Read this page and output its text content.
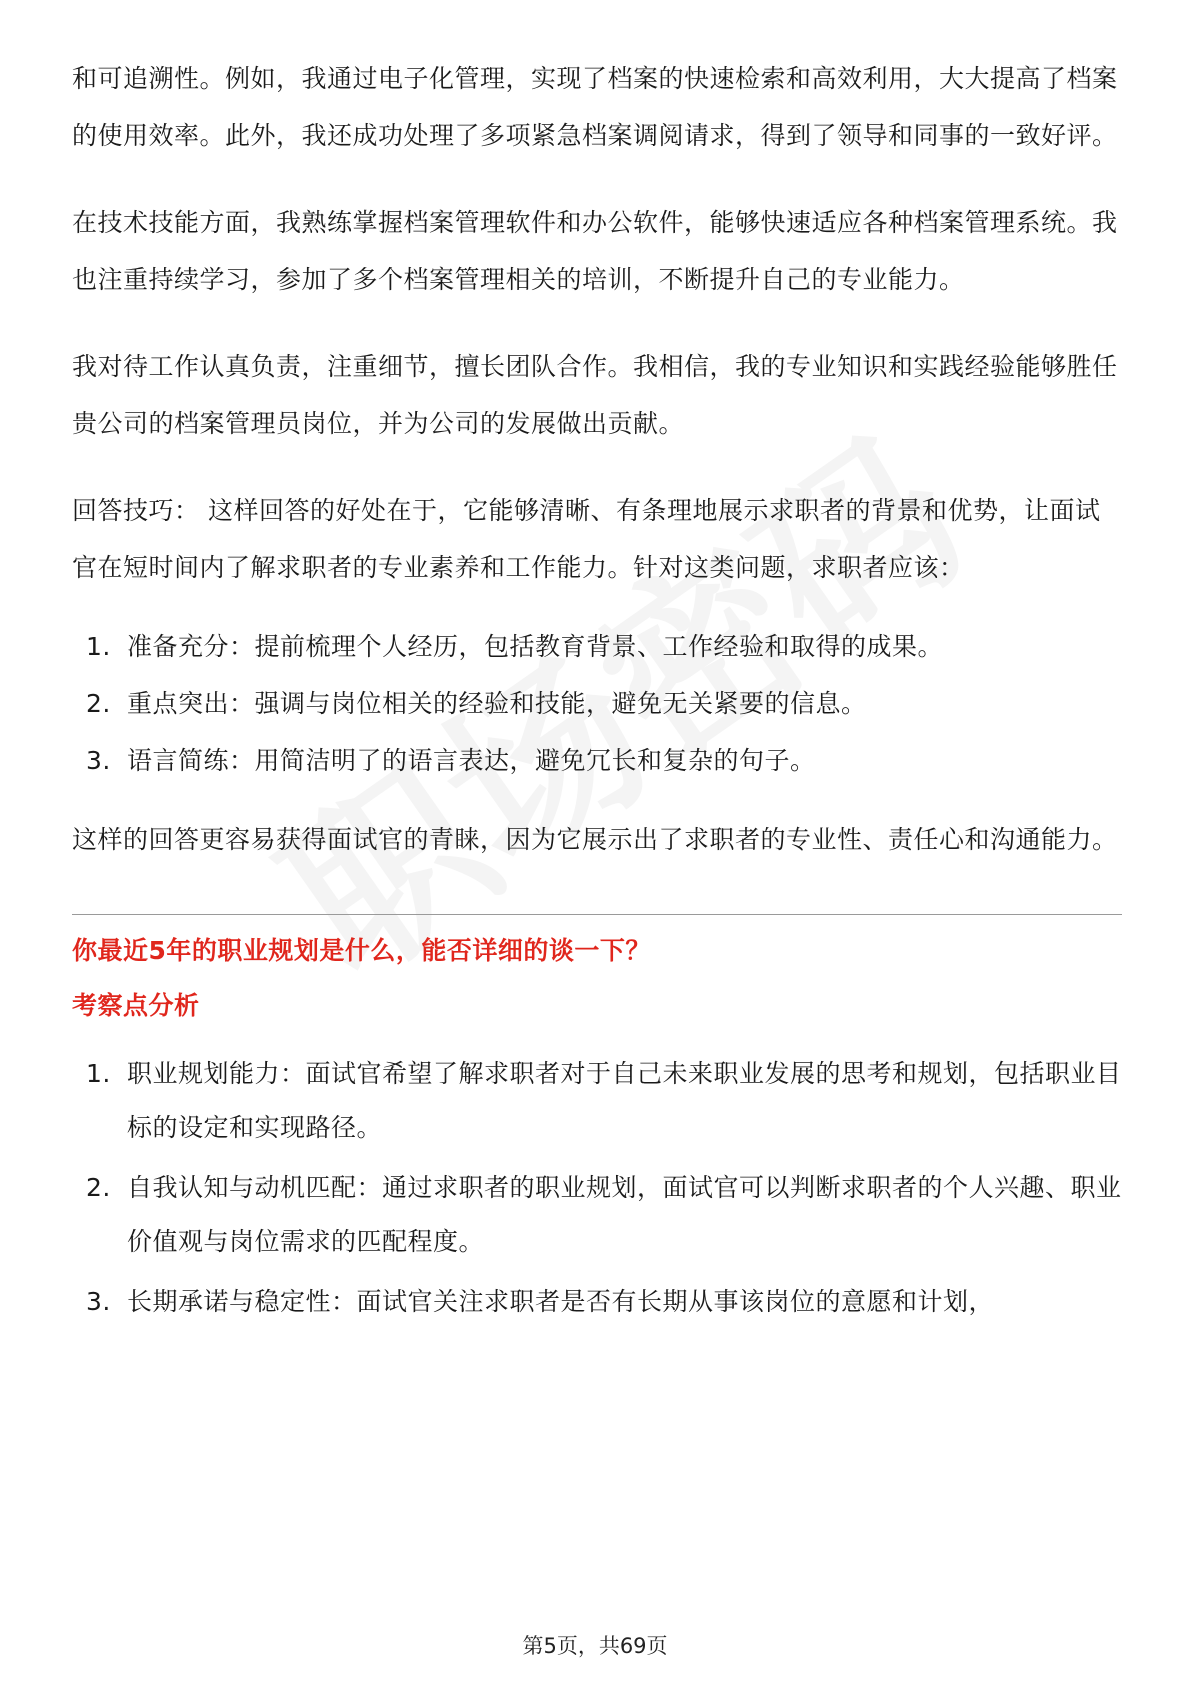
和可追溯性。例如，我通过电子化管理，实现了档案的快速检索和高效利用，大大提高了档案的使用效率。此外，我还成功处理了多项紧急档案调阅请求，得到了领导和同事的一致好评。

在技术技能方面，我熟练掌握档案管理软件和办公软件，能够快速适应各种档案管理系统。我也注重持续学习，参加了多个档案管理相关的培训，不断提升自己的专业能力。

我对待工作认真负责，注重细节，擅长团队合作。我相信，我的专业知识和实践经验能够胜任贵公司的档案管理员岗位，并为公司的发展做出贡献。

回答技巧： 这样回答的好处在于，它能够清晰、有条理地展示求职者的背景和优势，让面试官在短时间内了解求职者的专业素养和工作能力。针对这类问题，求职者应该：

1. 准备充分：提前梳理个人经历，包括教育背景、工作经验和取得的成果。
2. 重点突出：强调与岗位相关的经验和技能，避免无关紧要的信息。
3. 语言简练：用简洁明了的语言表达，避免冗长和复杂的句子。

这样的回答更容易获得面试官的青睐，因为它展示出了求职者的专业性、责任心和沟通能力。

你最近5年的职业规划是什么，能否详细的谈一下？

考察点分析

1. 职业规划能力：面试官希望了解求职者对于自己未来职业发展的思考和规划，包括职业目标的设定和实现路径。
2. 自我认知与动机匹配：通过求职者的职业规划，面试官可以判断求职者的个人兴趣、职业价值观与岗位需求的匹配程度。
3. 长期承诺与稳定性：面试官关注求职者是否有长期从事该岗位的意愿和计划，
第5页，共69页
